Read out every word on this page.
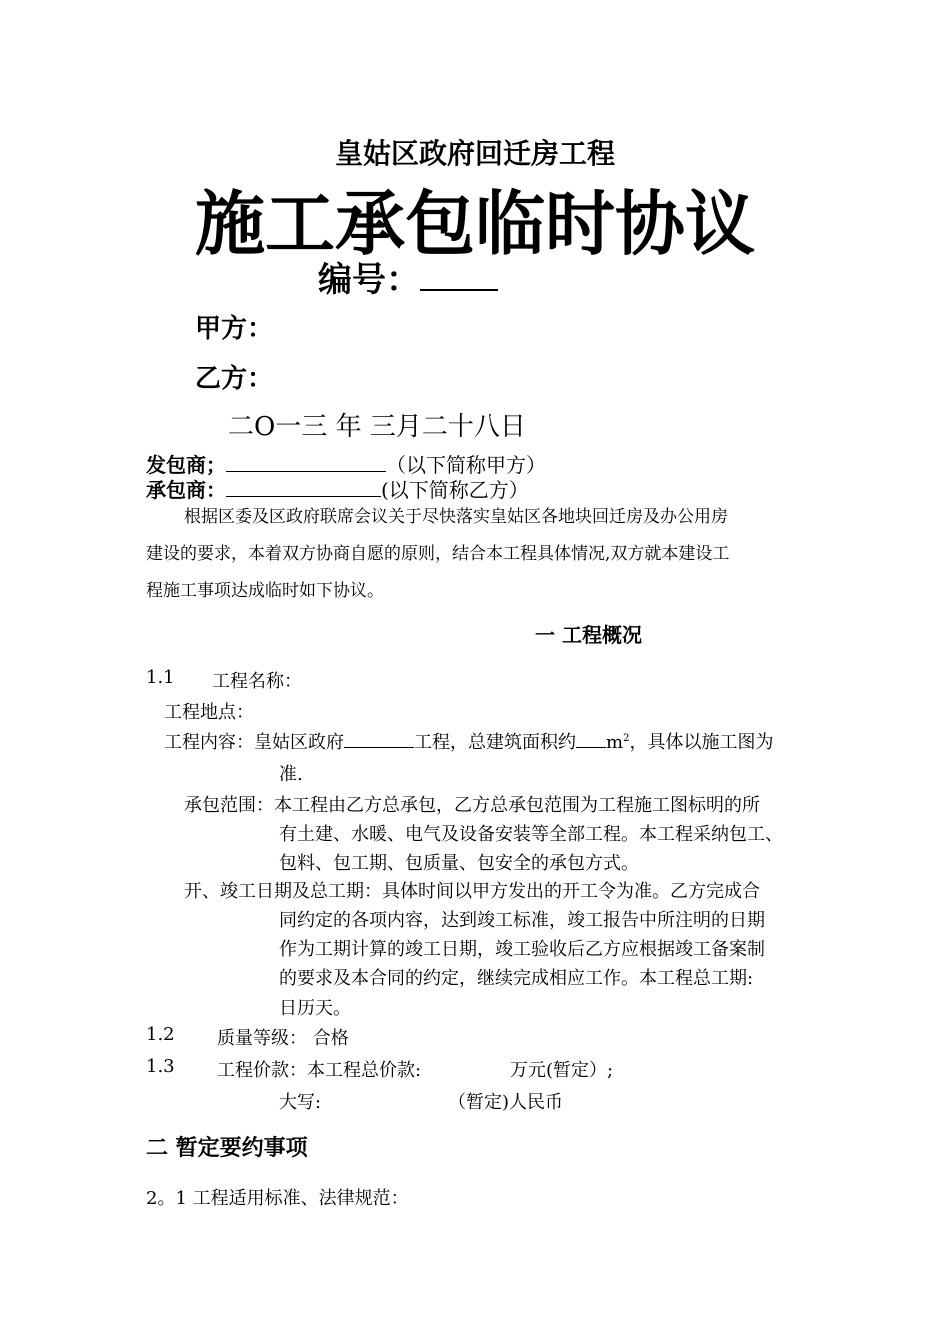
皇姑区政府回迁房工程
施工承包临时协议
编号：
甲方：
乙方：
二O一三 年 三月二十八日
发包商；	（以下简称甲方）
承包商：	(以下简称乙方）
根据区委及区政府联席会议关于尽快落实皇姑区各地块回迁房及办公用房
建设的要求，本着双方协商自愿的原则，结合本工程具体情况,双方就本建设工
程施工事项达成临时如下协议。
一 工程概况
1.1 工程名称：
工程地点：
工程内容：皇姑区政府	工程，总建筑面积约 $m^2$，具体以施工图为
准.
承包范围：本工程由乙方总承包，乙方总承包范围为工程施工图标明的所
有土建、水暖、电气及设备安装等全部工程。本工程采纳包工、
包料、包工期、包质量、包安全的承包方式。
开、竣工日期及总工期：具体时间以甲方发出的开工令为准。乙方完成合
同约定的各项内容，达到竣工标准，竣工报告中所注明的日期
作为工期计算的竣工日期，竣工验收后乙方应根据竣工备案制
的要求及本合同的约定，继续完成相应工作。本工程总工期:
日历天。
1.2 质量等级： 合格
1.3 工程价款：本工程总价款:	万元(暂定）;
大写:	（暂定)人民币
二 暂定要约事项
2。1 工程适用标准、法律规范：
